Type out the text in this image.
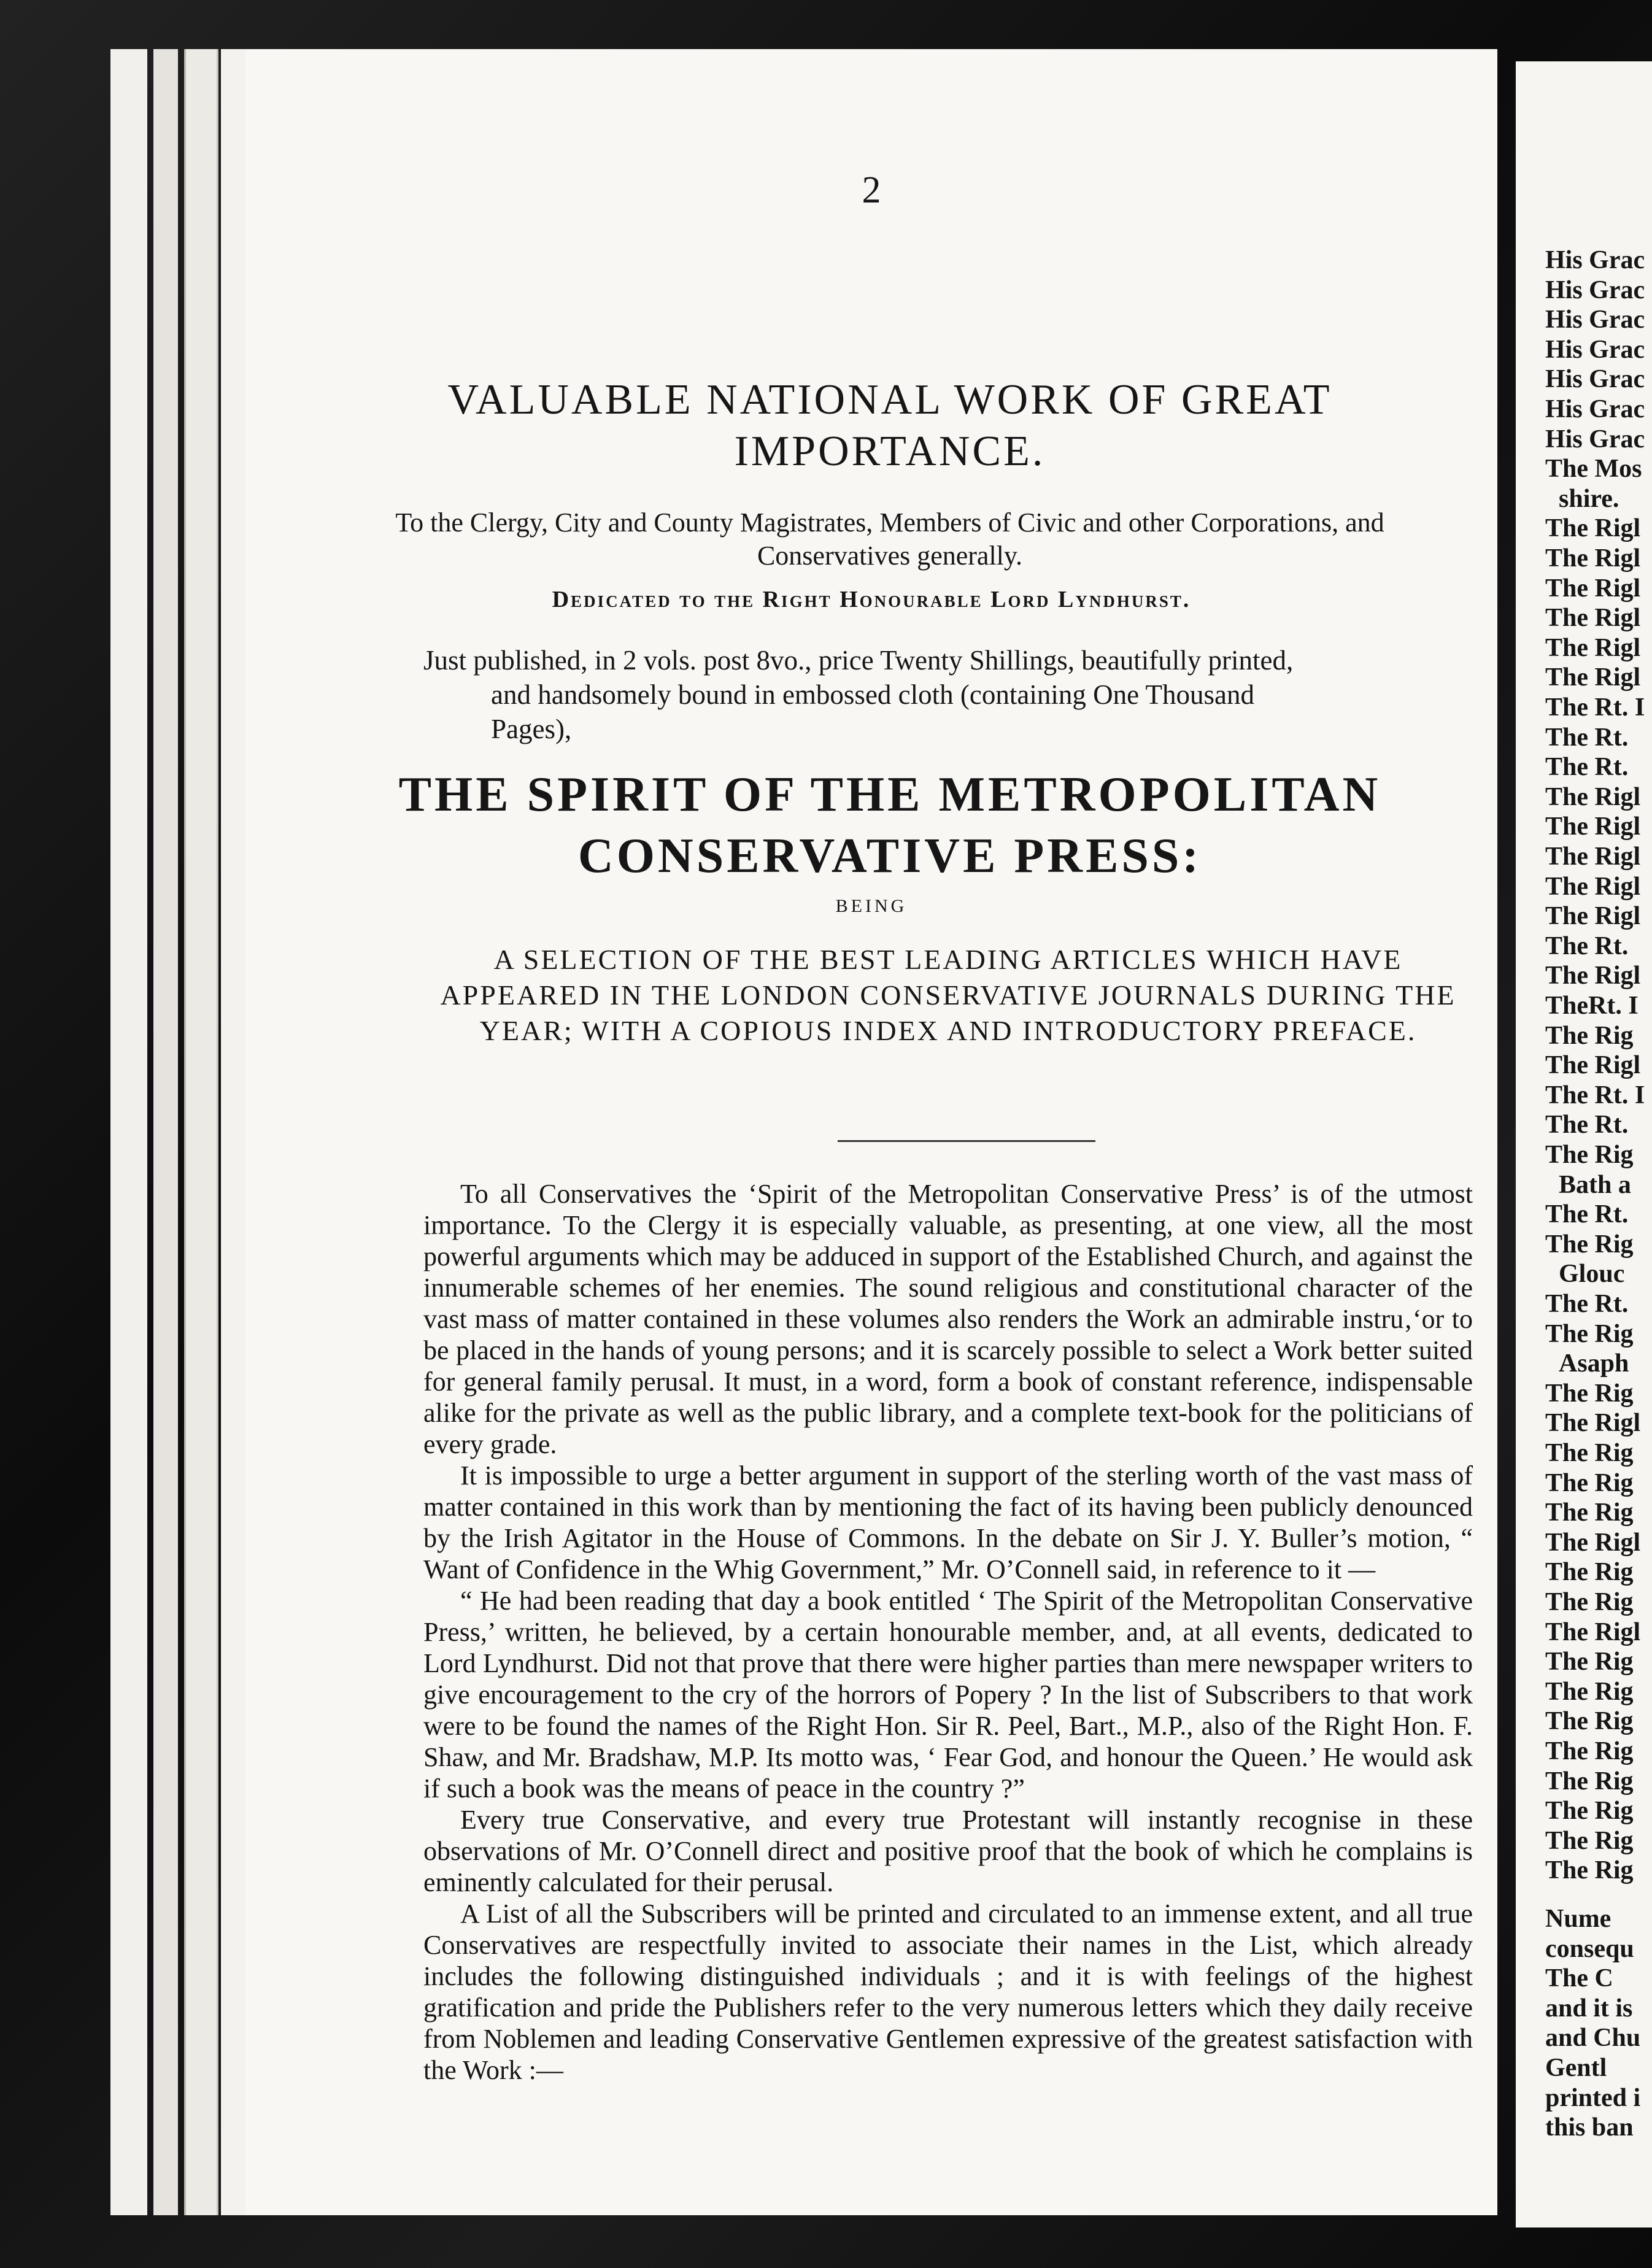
2
VALUABLE NATIONAL WORK OF GREAT IMPORTANCE.
To the Clergy, City and County Magistrates, Members of Civic and other Corporations, and Conservatives generally.
Dedicated to the Right Honourable Lord Lyndhurst.
Just published, in 2 vols. post 8vo., price Twenty Shillings, beautifully printed,
and handsomely bound in embossed cloth (containing One Thousand
Pages),
THE SPIRIT OF THE METROPOLITAN CONSERVATIVE PRESS:
BEING
A SELECTION OF THE BEST LEADING ARTICLES WHICH HAVE APPEARED IN THE LONDON CONSERVATIVE JOURNALS DURING THE YEAR; WITH A COPIOUS INDEX AND INTRODUCTORY PREFACE.

To all Conservatives the ‘Spirit of the Metropolitan Conservative Press’ is of the utmost importance. To the Clergy it is especially valuable, as presenting, at one view, all the most powerful arguments which may be adduced in support of the Established Church, and against the innumerable schemes of her enemies. The sound religious and constitutional character of the vast mass of matter contained in these volumes also renders the Work an admirable instru‚‘or to be placed in the hands of young persons; and it is scarcely possible to select a Work better suited for general family perusal. It must, in a word, form a book of constant reference, indispensable alike for the private as well as the public library, and a complete text-book for the politicians of every grade.

It is impossible to urge a better argument in support of the sterling worth of the vast mass of matter contained in this work than by mentioning the fact of its having been publicly denounced by the Irish Agitator in the House of Commons. In the debate on Sir J. Y. Buller’s motion, “ Want of Confidence in the Whig Government,” Mr. O’Connell said, in reference to it —

“ He had been reading that day a book entitled ‘ The Spirit of the Metropolitan Conservative Press,’ written, he believed, by a certain honourable member, and, at all events, dedicated to Lord Lyndhurst. Did not that prove that there were higher parties than mere newspaper writers to give encouragement to the cry of the horrors of Popery ? In the list of Subscribers to that work were to be found the names of the Right Hon. Sir R. Peel, Bart., M.P., also of the Right Hon. F. Shaw, and Mr. Bradshaw, M.P. Its motto was, ‘ Fear God, and honour the Queen.’ He would ask if such a book was the means of peace in the country ?”

Every true Conservative, and every true Protestant will instantly recognise in these observations of Mr. O’Connell direct and positive proof that the book of which he complains is eminently calculated for their perusal.

A List of all the Subscribers will be printed and circulated to an immense extent, and all true Conservatives are respectfully invited to associate their names in the List, which already includes the following distinguished individuals ; and it is with feelings of the highest gratification and pride the Publishers refer to the very numerous letters which they daily receive from Noblemen and leading Conservative Gentlemen expressive of the greatest satisfaction with the Work :—

His Grac
His Grac
His Grac
His Grac
His Grac
His Grac
His Grac
The Mos
shire.
The Rigl
The Rigl
The Rigl
The Rigl
The Rigl
The Rigl
The Rt. I
The Rt.
The Rt.
The Rigl
The Rigl
The Rigl
The Rigl
The Rigl
The Rt.
The Rigl
TheRt. I
The Rig
The Rigl
The Rt. I
The Rt.
The Rig
Bath a
The Rt.
The Rig
Glouc
The Rt.
The Rig
Asaph
The Rig
The Rigl
The Rig
The Rig
The Rig
The Rigl
The Rig
The Rig
The Rigl
The Rig
The Rig
The Rig
The Rig
The Rig
The Rig
The Rig
The Rig
Nume
consequ
The C
and it is
and Chu
Gentl
printed i
this ban
